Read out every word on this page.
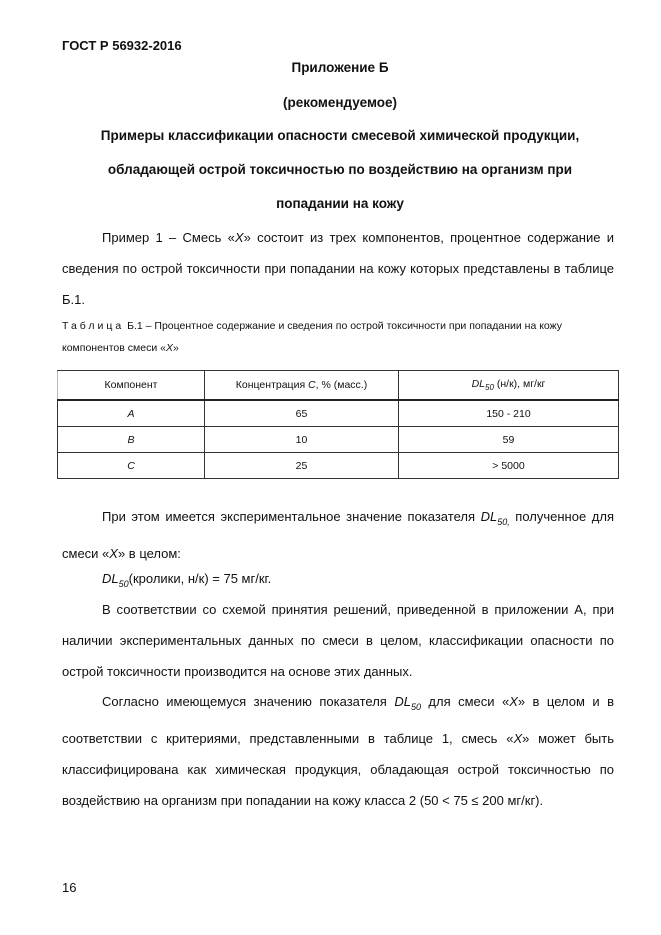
ГОСТ Р 56932-2016
Приложение Б
(рекомендуемое)
Примеры классификации опасности смесевой химической продукции,
обладающей острой токсичностью по воздействию на организм при
попадании на кожу
Пример 1 – Смесь «X» состоит из трех компонентов, процентное содержание и сведения по острой токсичности при попадании на кожу которых представлены в таблице Б.1.
Таблица Б.1 – Процентное содержание и сведения по острой токсичности при попадании на кожу компонентов смеси «X»
Компонент	Концентрация C, % (масс.)	$DL_{50}$ (н/к), мг/кг
A	65	150 - 210
B	10	59
C	25	> 5000
При этом имеется экспериментальное значение показателя $DL_{50,}$ полученное для смеси «X» в целом:
$DL_{50}(кролики$, н/к) = 75 мг/кг.
В соответствии со схемой принятия решений, приведенной в приложении А, при наличии экспериментальных данных по смеси в целом, классификации опасности по острой токсичности производится на основе этих данных.
Согласно имеющемуся значению показателя $DL_{50}$ для смеси «X» в целом и в соответствии с критериями, представленными в таблице 1, смесь «X» может быть классифицирована как химическая продукция, обладающая острой токсичностью по воздействию на организм при попадании на кожу класса 2 (50 < 75 ≤ 200 мг/кг).
16
